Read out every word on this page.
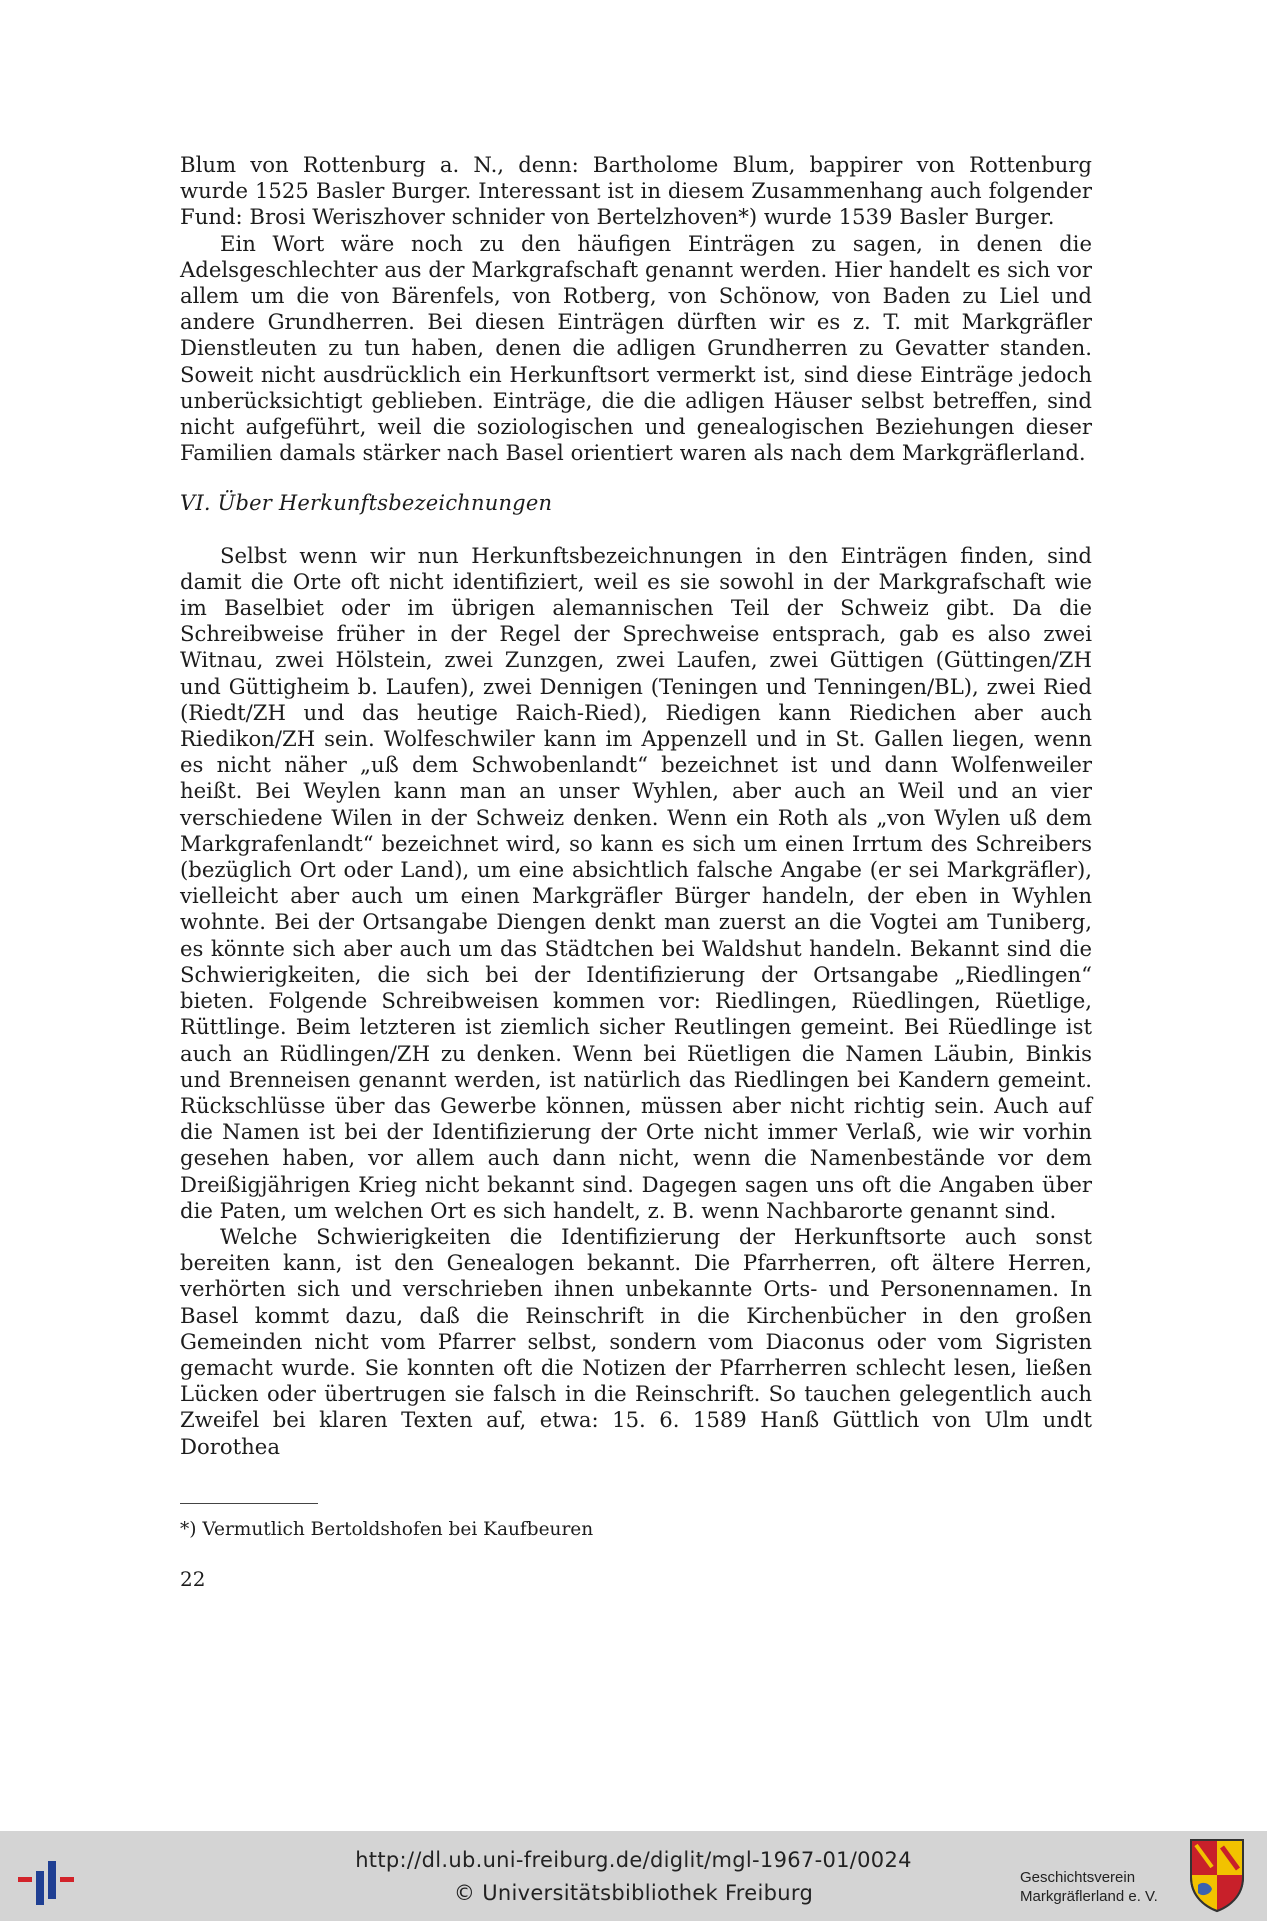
Blum von Rottenburg a. N., denn: Bartholome Blum, bappirer von Rottenburg wurde 1525 Basler Burger. Interessant ist in diesem Zusammenhang auch folgender Fund: Brosi Weriszhover schnider von Bertelzhoven*) wurde 1539 Basler Burger.

Ein Wort wäre noch zu den häufigen Einträgen zu sagen, in denen die Adelsgeschlechter aus der Markgrafschaft genannt werden. Hier handelt es sich vor allem um die von Bärenfels, von Rotberg, von Schönow, von Baden zu Liel und andere Grundherren. Bei diesen Einträgen dürften wir es z. T. mit Markgräfler Dienstleuten zu tun haben, denen die adligen Grundherren zu Gevatter standen. Soweit nicht ausdrücklich ein Herkunftsort vermerkt ist, sind diese Einträge jedoch unberücksichtigt geblieben. Einträge, die die adligen Häuser selbst betreffen, sind nicht aufgeführt, weil die soziologischen und genealogischen Beziehungen dieser Familien damals stärker nach Basel orientiert waren als nach dem Markgräflerland.

VI. Über Herkunftsbezeichnungen

Selbst wenn wir nun Herkunftsbezeichnungen in den Einträgen finden, sind damit die Orte oft nicht identifiziert, weil es sie sowohl in der Markgrafschaft wie im Baselbiet oder im übrigen alemannischen Teil der Schweiz gibt. Da die Schreibweise früher in der Regel der Sprechweise entsprach, gab es also zwei Witnau, zwei Hölstein, zwei Zunzgen, zwei Laufen, zwei Güttigen (Güttingen/ZH und Güttigheim b. Laufen), zwei Dennigen (Teningen und Tenningen/BL), zwei Ried (Riedt/ZH und das heutige Raich-Ried), Riedigen kann Riedichen aber auch Riedikon/ZH sein. Wolfeschwiler kann im Appenzell und in St. Gallen liegen, wenn es nicht näher „uß dem Schwobenlandt“ bezeichnet ist und dann Wolfenweiler heißt. Bei Weylen kann man an unser Wyhlen, aber auch an Weil und an vier verschiedene Wilen in der Schweiz denken. Wenn ein Roth als „von Wylen uß dem Markgrafenlandt“ bezeichnet wird, so kann es sich um einen Irrtum des Schreibers (bezüglich Ort oder Land), um eine absichtlich falsche Angabe (er sei Markgräfler), vielleicht aber auch um einen Markgräfler Bürger handeln, der eben in Wyhlen wohnte. Bei der Ortsangabe Diengen denkt man zuerst an die Vogtei am Tuniberg, es könnte sich aber auch um das Städtchen bei Waldshut handeln. Bekannt sind die Schwierigkeiten, die sich bei der Identifizierung der Ortsangabe „Riedlingen“ bieten. Folgende Schreibweisen kommen vor: Riedlingen, Rüedlingen, Rüetlige, Rüttlinge. Beim letzteren ist ziemlich sicher Reutlingen gemeint. Bei Rüedlinge ist auch an Rüdlingen/ZH zu denken. Wenn bei Rüetligen die Namen Läubin, Binkis und Brenneisen genannt werden, ist natürlich das Riedlingen bei Kandern gemeint. Rückschlüsse über das Gewerbe können, müssen aber nicht richtig sein. Auch auf die Namen ist bei der Identifizierung der Orte nicht immer Verlaß, wie wir vorhin gesehen haben, vor allem auch dann nicht, wenn die Namenbestände vor dem Dreißigjährigen Krieg nicht bekannt sind. Dagegen sagen uns oft die Angaben über die Paten, um welchen Ort es sich handelt, z. B. wenn Nachbarorte genannt sind.

Welche Schwierigkeiten die Identifizierung der Herkunftsorte auch sonst bereiten kann, ist den Genealogen bekannt. Die Pfarrherren, oft ältere Herren, verhörten sich und verschrieben ihnen unbekannte Orts- und Personennamen. In Basel kommt dazu, daß die Reinschrift in die Kirchenbücher in den großen Gemeinden nicht vom Pfarrer selbst, sondern vom Diaconus oder vom Sigristen gemacht wurde. Sie konnten oft die Notizen der Pfarrherren schlecht lesen, ließen Lücken oder übertrugen sie falsch in die Reinschrift. So tauchen gelegentlich auch Zweifel bei klaren Texten auf, etwa: 15. 6. 1589 Hanß Güttlich von Ulm undt Dorothea

*) Vermutlich Bertoldshofen bei Kaufbeuren
22
http://dl.ub.uni-freiburg.de/diglit/mgl-1967-01/0024
© Universitätsbibliothek Freiburg
Geschichtsverein
Markgräflerland e. V.
